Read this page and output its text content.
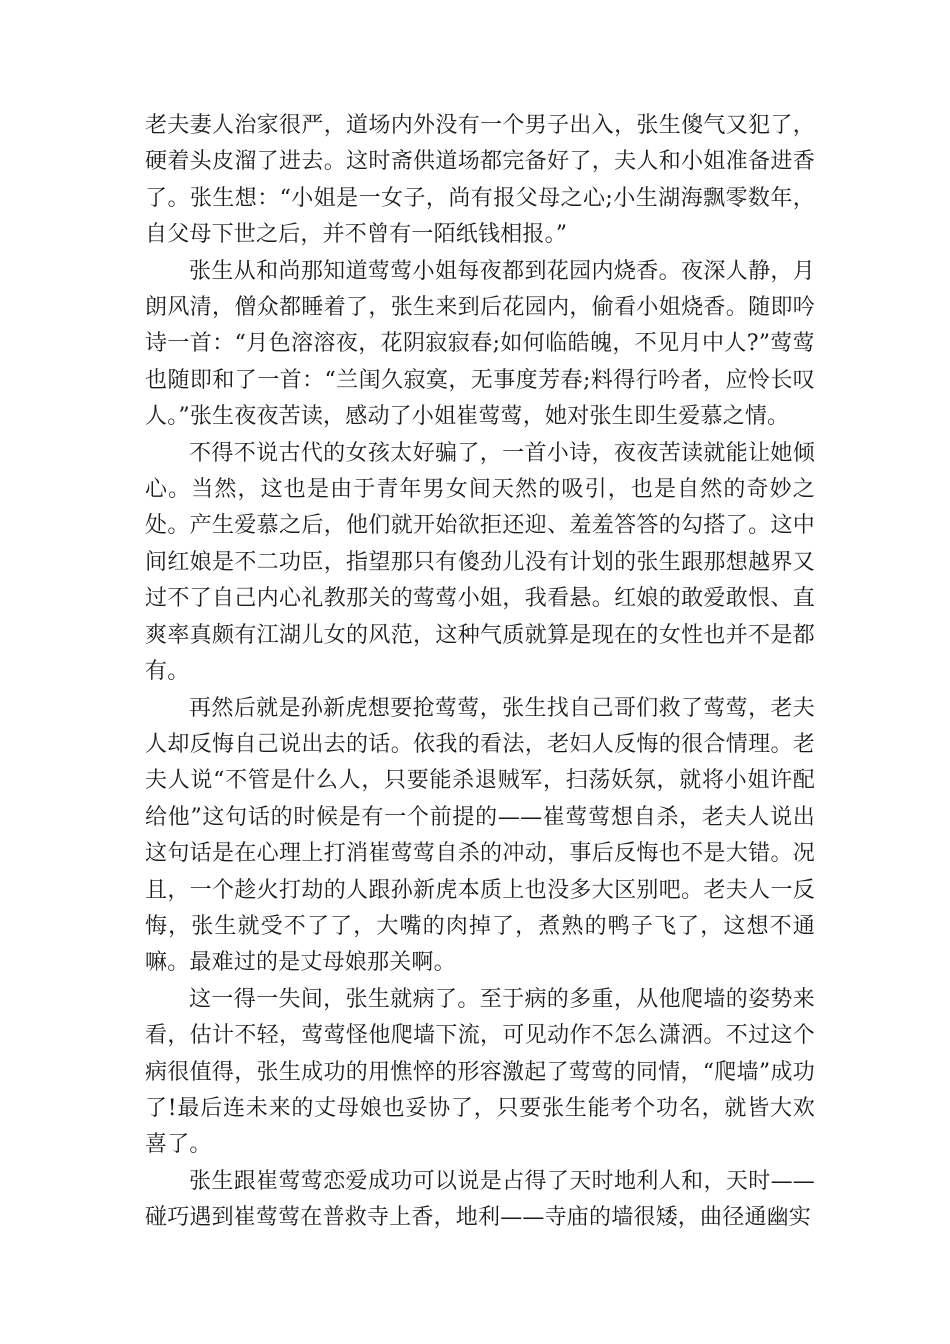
老夫妻人治家很严，道场内外没有一个男子出入，张生傻气又犯了，硬着头皮溜了进去。这时斋供道场都完备好了，夫人和小姐准备进香了。张生想：“小姐是一女子，尚有报父母之心;小生湖海飘零数年，自父母下世之后，并不曾有一陌纸钱相报。”

张生从和尚那知道莺莺小姐每夜都到花园内烧香。夜深人静，月朗风清，僧众都睡着了，张生来到后花园内，偷看小姐烧香。随即吟诗一首：“月色溶溶夜，花阴寂寂春;如何临皓魄，不见月中人?”莺莺也随即和了一首：“兰闺久寂寞，无事度芳春;料得行吟者，应怜长叹人。”张生夜夜苦读，感动了小姐崔莺莺，她对张生即生爱慕之情。

不得不说古代的女孩太好骗了，一首小诗，夜夜苦读就能让她倾心。当然，这也是由于青年男女间天然的吸引，也是自然的奇妙之处。产生爱慕之后，他们就开始欲拒还迎、羞羞答答的勾搭了。这中间红娘是不二功臣，指望那只有傻劲儿没有计划的张生跟那想越界又过不了自己内心礼教那关的莺莺小姐，我看悬。红娘的敢爱敢恨、直爽率真颇有江湖儿女的风范，这种气质就算是现在的女性也并不是都有。

再然后就是孙新虎想要抢莺莺，张生找自己哥们救了莺莺，老夫人却反悔自己说出去的话。依我的看法，老妇人反悔的很合情理。老夫人说“不管是什么人，只要能杀退贼军，扫荡妖氛，就将小姐许配给他”这句话的时候是有一个前提的——崔莺莺想自杀，老夫人说出这句话是在心理上打消崔莺莺自杀的冲动，事后反悔也不是大错。况且，一个趁火打劫的人跟孙新虎本质上也没多大区别吧。老夫人一反悔，张生就受不了了，大嘴的肉掉了，煮熟的鸭子飞了，这想不通嘛。最难过的是丈母娘那关啊。

这一得一失间，张生就病了。至于病的多重，从他爬墙的姿势来看，估计不轻，莺莺怪他爬墙下流，可见动作不怎么潇洒。不过这个病很值得，张生成功的用憔悴的形容激起了莺莺的同情，“爬墙”成功了!最后连未来的丈母娘也妥协了，只要张生能考个功名，就皆大欢喜了。

张生跟崔莺莺恋爱成功可以说是占得了天时地利人和，天时——碰巧遇到崔莺莺在普救寺上香，地利——寺庙的墙很矮，曲径通幽实
